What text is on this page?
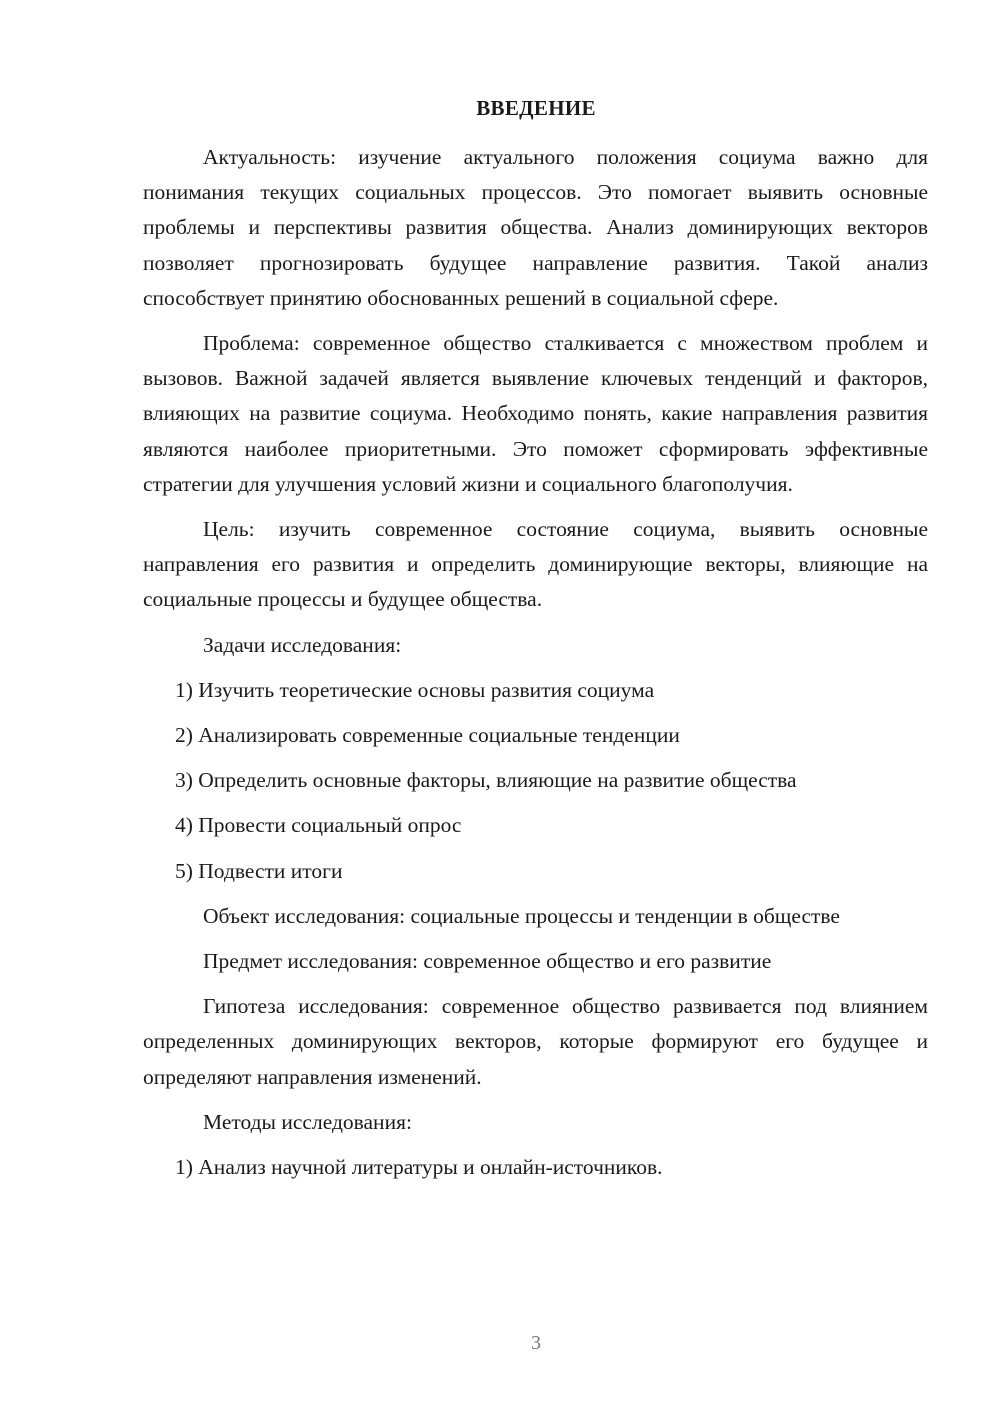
ВВЕДЕНИЕ

Актуальность: изучение актуального положения социума важно для понимания текущих социальных процессов. Это помогает выявить основные проблемы и перспективы развития общества. Анализ доминирующих векторов позволяет прогнозировать будущее направление развития. Такой анализ способствует принятию обоснованных решений в социальной сфере.

Проблема: современное общество сталкивается с множеством проблем и вызовов. Важной задачей является выявление ключевых тенденций и факторов, влияющих на развитие социума. Необходимо понять, какие направления развития являются наиболее приоритетными. Это поможет сформировать эффективные стратегии для улучшения условий жизни и социального благополучия.

Цель: изучить современное состояние социума, выявить основные направления его развития и определить доминирующие векторы, влияющие на социальные процессы и будущее общества.

Задачи исследования:

1) Изучить теоретические основы развития социума

2) Анализировать современные социальные тенденции

3) Определить основные факторы, влияющие на развитие общества

4) Провести социальный опрос

5) Подвести итоги

Объект исследования: социальные процессы и тенденции в обществе

Предмет исследования: современное общество и его развитие

Гипотеза исследования: современное общество развивается под влиянием определенных доминирующих векторов, которые формируют его будущее и определяют направления изменений.

Методы исследования:

1) Анализ научной литературы и онлайн-источников.

3
